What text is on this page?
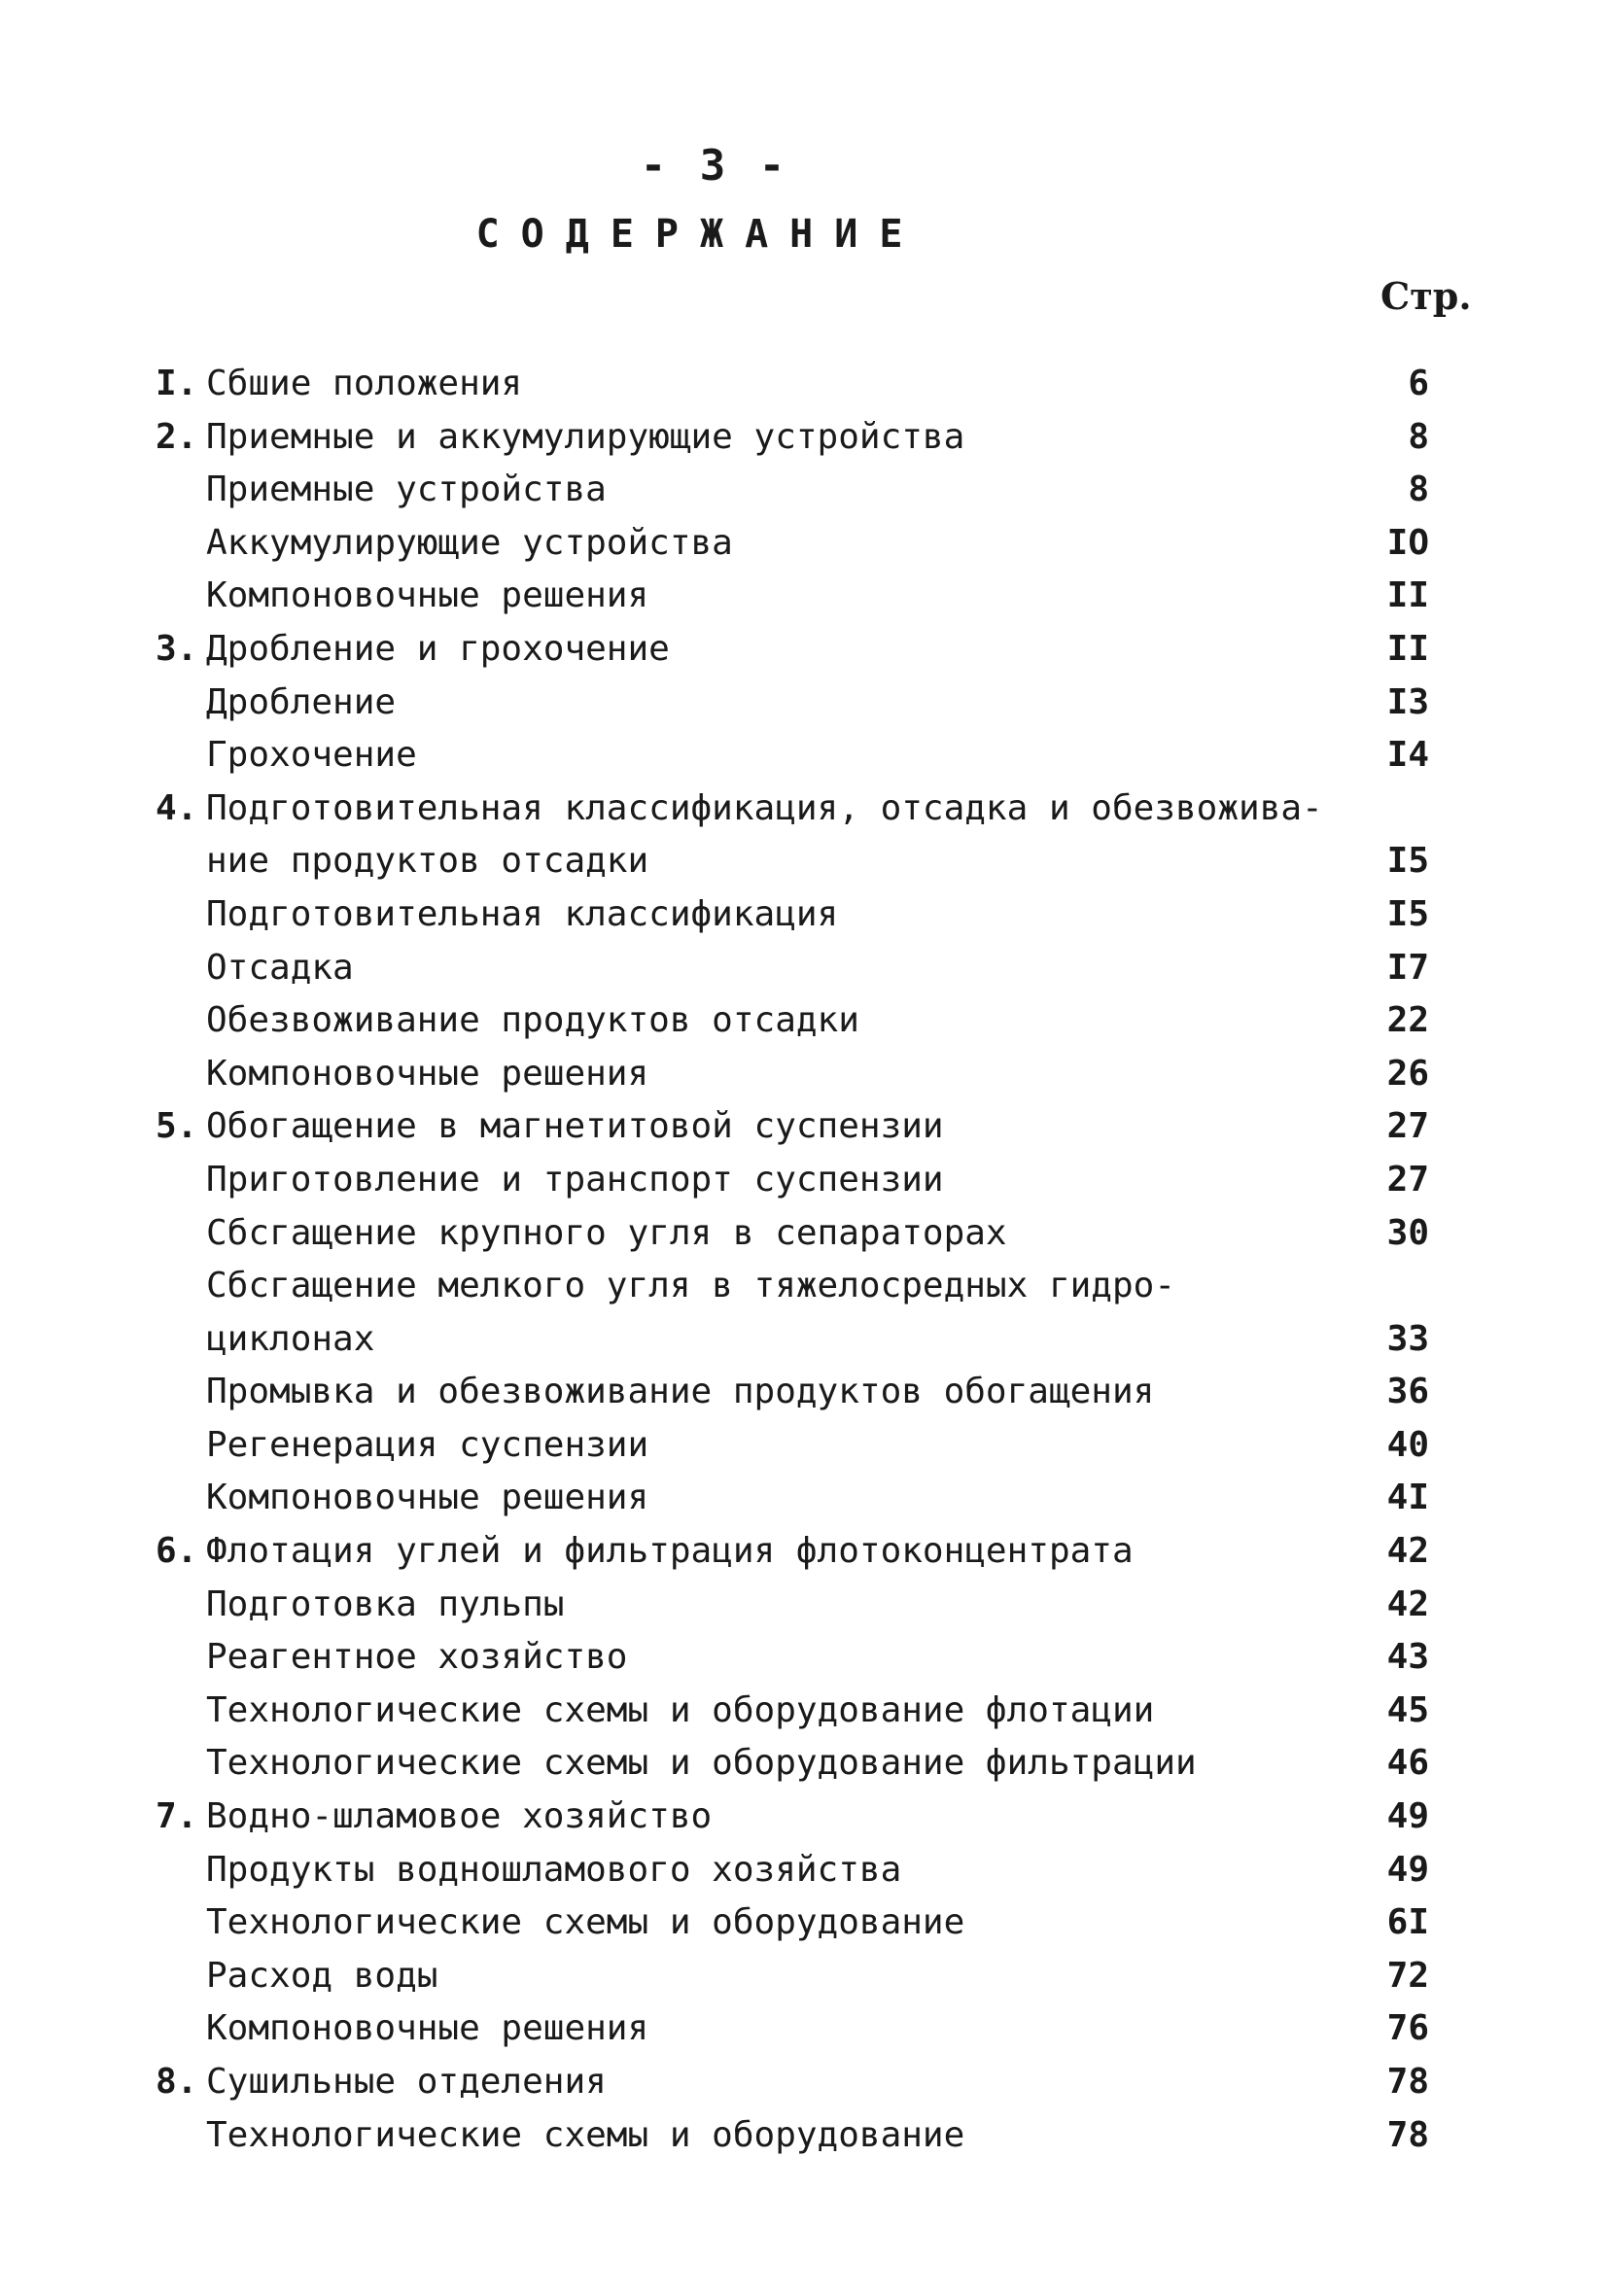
- 3 -
СОДЕРЖАНИЕ
Стр.
I. Сбшие положения	6
2. Приемные и аккумулирующие устройства	8
Приемные устройства	8
Аккумулирующие устройства	IO
Компоновочные решения	II
3. Дробление и грохочение	II
Дробление	I3
Грохочение	I4
4. Подготовительная классификация, отсадка и обезвожива-
ние продуктов отсадки	I5
Подготовительная классификация	I5
Отсадка	I7
Обезвоживание продуктов отсадки	22
Компоновочные решения	26
5. Обогащение в магнетитовой суспензии	27
Приготовление и транспорт суспензии	27
Сбсгащение крупного угля в сепараторах	30
Сбсгащение мелкого угля в тяжелосредных гидро-
циклонах	33
Промывка и обезвоживание продуктов обогащения	36
Регенерация суспензии	40
Компоновочные решения	4I
6. Флотация углей и фильтрация флотоконцентрата	42
Подготовка пульпы	42
Реагентное хозяйство	43
Технологические схемы и оборудование флотации	45
Технологические схемы и оборудование фильтрации	46
7. Водно-шламовое хозяйство	49
Продукты водношламового хозяйства	49
Технологические схемы и оборудование	6I
Расход воды	72
Компоновочные решения	76
8. Сушильные отделения	78
Технологические схемы и оборудование	78
